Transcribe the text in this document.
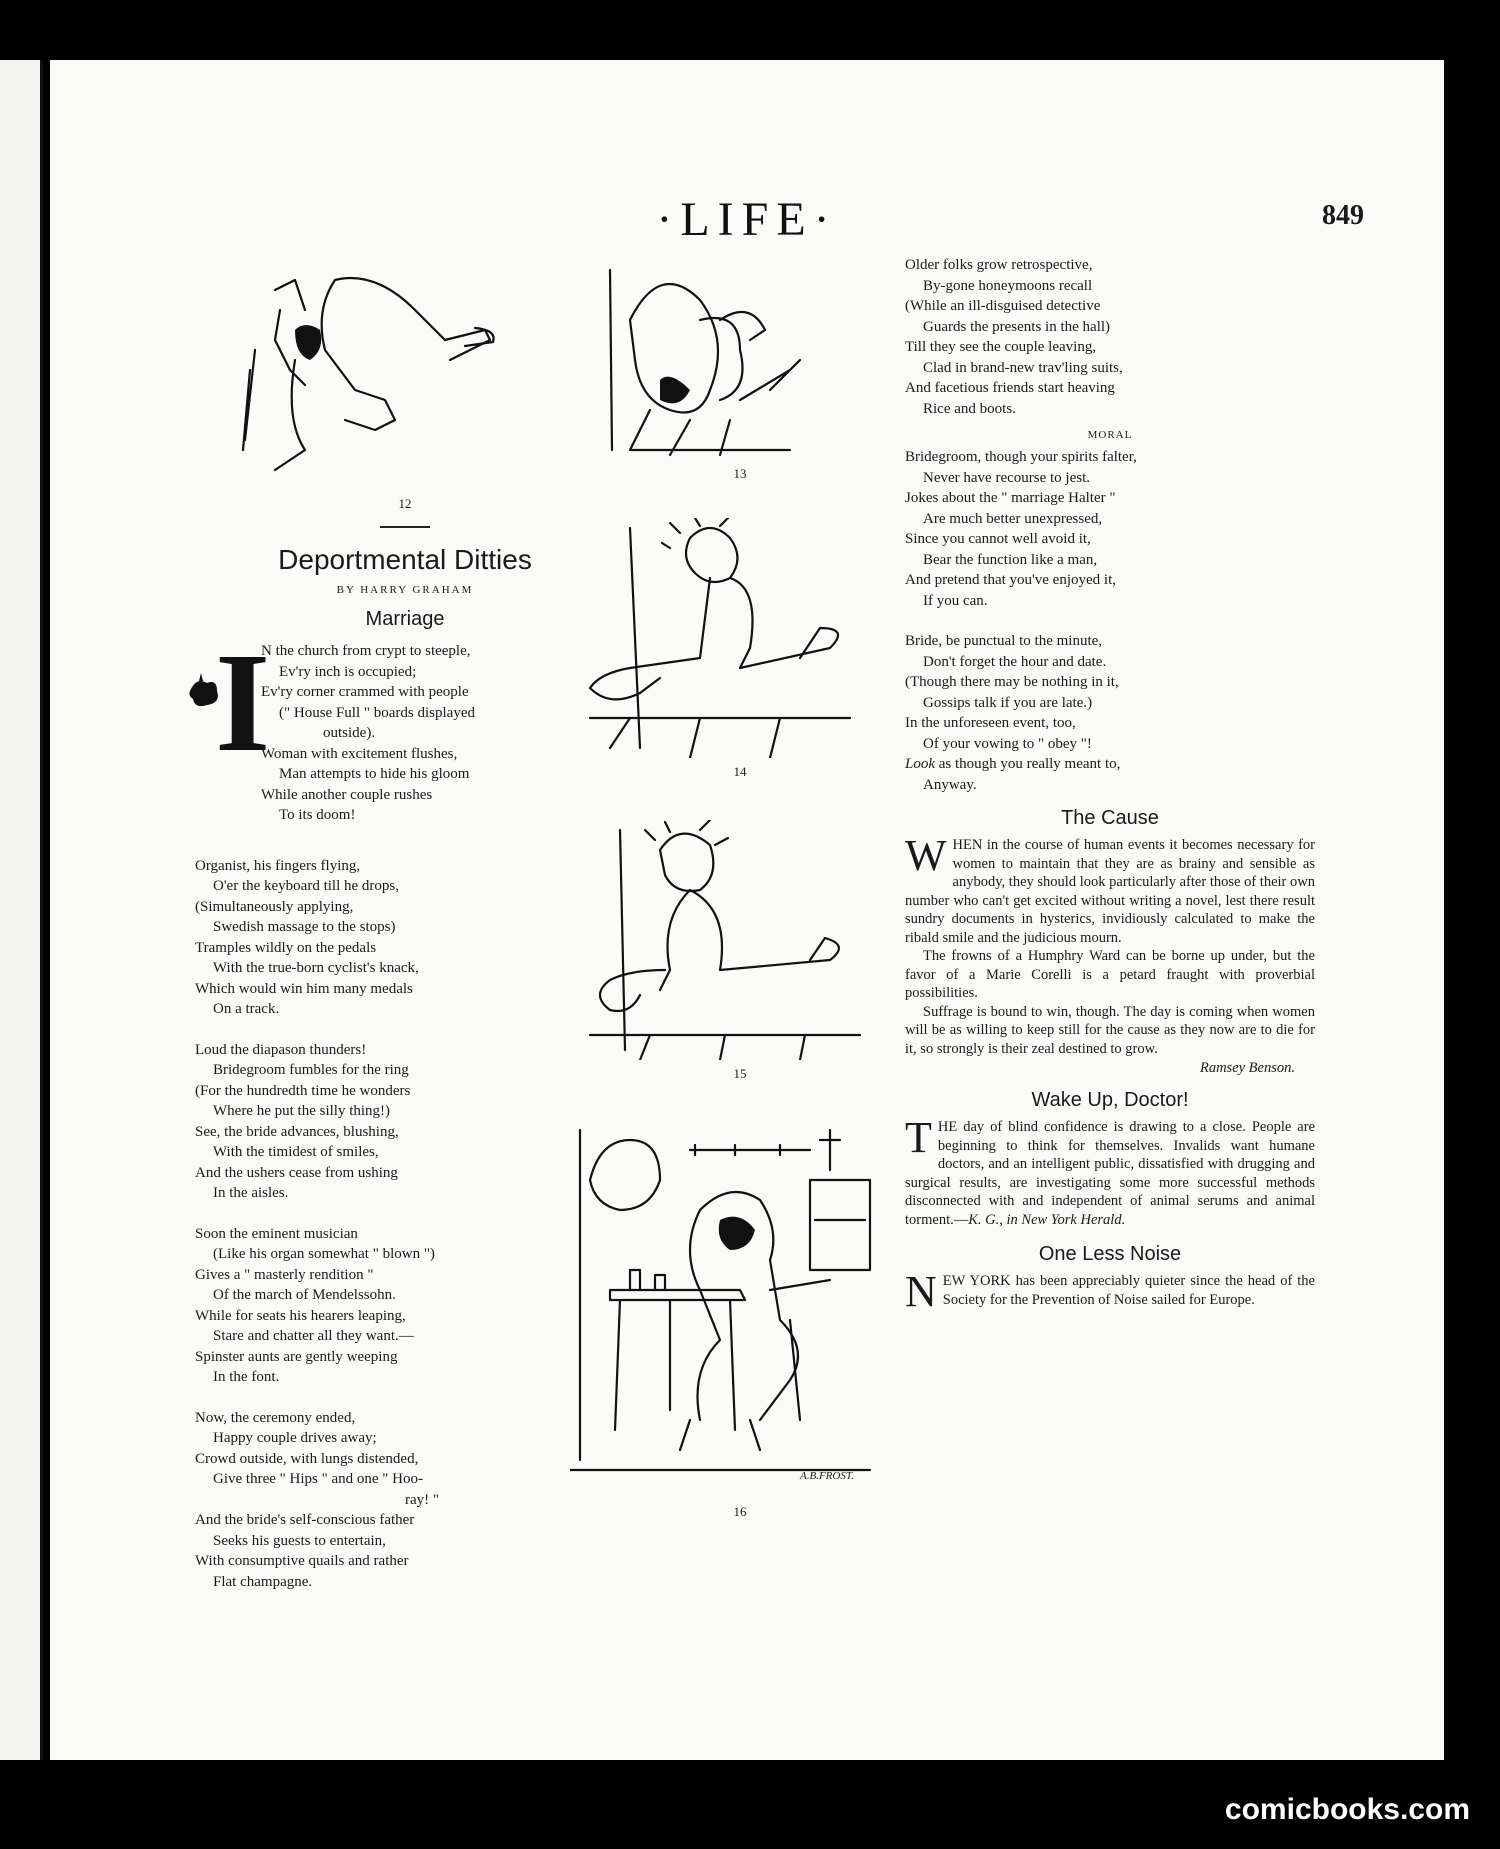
·LIFE·	849
12
Deportmental Ditties
BY HARRY GRAHAM
Marriage
I
N the church from crypt to steeple,
Ev'ry inch is occupied;
Ev'ry corner crammed with people
(" House Full " boards displayed
outside).
Woman with excitement flushes,
Man attempts to hide his gloom
While another couple rushes
To its doom!
Organist, his fingers flying,
O'er the keyboard till he drops,
(Simultaneously applying,
Swedish massage to the stops)
Tramples wildly on the pedals
With the true-born cyclist's knack,
Which would win him many medals
On a track.
Loud the diapason thunders!
Bridegroom fumbles for the ring
(For the hundredth time he wonders
Where he put the silly thing!)
See, the bride advances, blushing,
With the timidest of smiles,
And the ushers cease from ushing
In the aisles.
Soon the eminent musician
(Like his organ somewhat " blown ")
Gives a " masterly rendition "
Of the march of Mendelssohn.
While for seats his hearers leaping,
Stare and chatter all they want.—
Spinster aunts are gently weeping
In the font.
Now, the ceremony ended,
Happy couple drives away;
Crowd outside, with lungs distended,
Give three " Hips " and one " Hoo-
ray! "
And the bride's self-conscious father
Seeks his guests to entertain,
With consumptive quails and rather
Flat champagne.
13
14
15
A.B.FROST.
16
Older folks grow retrospective,
By-gone honeymoons recall
(While an ill-disguised detective
Guards the presents in the hall)
Till they see the couple leaving,
Clad in brand-new trav'ling suits,
And facetious friends start heaving
Rice and boots.
MORAL
Bridegroom, though your spirits falter,
Never have recourse to jest.
Jokes about the " marriage Halter "
Are much better unexpressed,
Since you cannot well avoid it,
Bear the function like a man,
And pretend that you've enjoyed it,
If you can.
Bride, be punctual to the minute,
Don't forget the hour and date.
(Though there may be nothing in it,
Gossips talk if you are late.)
In the unforeseen event, too,
Of your vowing to " obey "!
Look as though you really meant to,
Anyway.
The Cause

WHEN in the course of human events it becomes necessary for women to maintain that they are as brainy and sensible as anybody, they should look particularly after those of their own number who can't get excited without writing a novel, lest there result sundry documents in hysterics, invidiously calculated to make the ribald smile and the judicious mourn.

The frowns of a Humphry Ward can be borne up under, but the favor of a Marie Corelli is a petard fraught with proverbial possibilities.

Suffrage is bound to win, though. The day is coming when women will be as willing to keep still for the cause as they now are to die for it, so strongly is their zeal destined to grow.

Ramsey Benson.
Wake Up, Doctor!

THE day of blind confidence is drawing to a close. People are beginning to think for themselves. Invalids want humane doctors, and an intelligent public, dissatisfied with drugging and surgical results, are investigating some more successful methods disconnected with and independent of animal serums and animal torment.—K. G., in New York Herald.

One Less Noise

NEW YORK has been appreciably quieter since the head of the Society for the Prevention of Noise sailed for Europe.

comicbooks.com
